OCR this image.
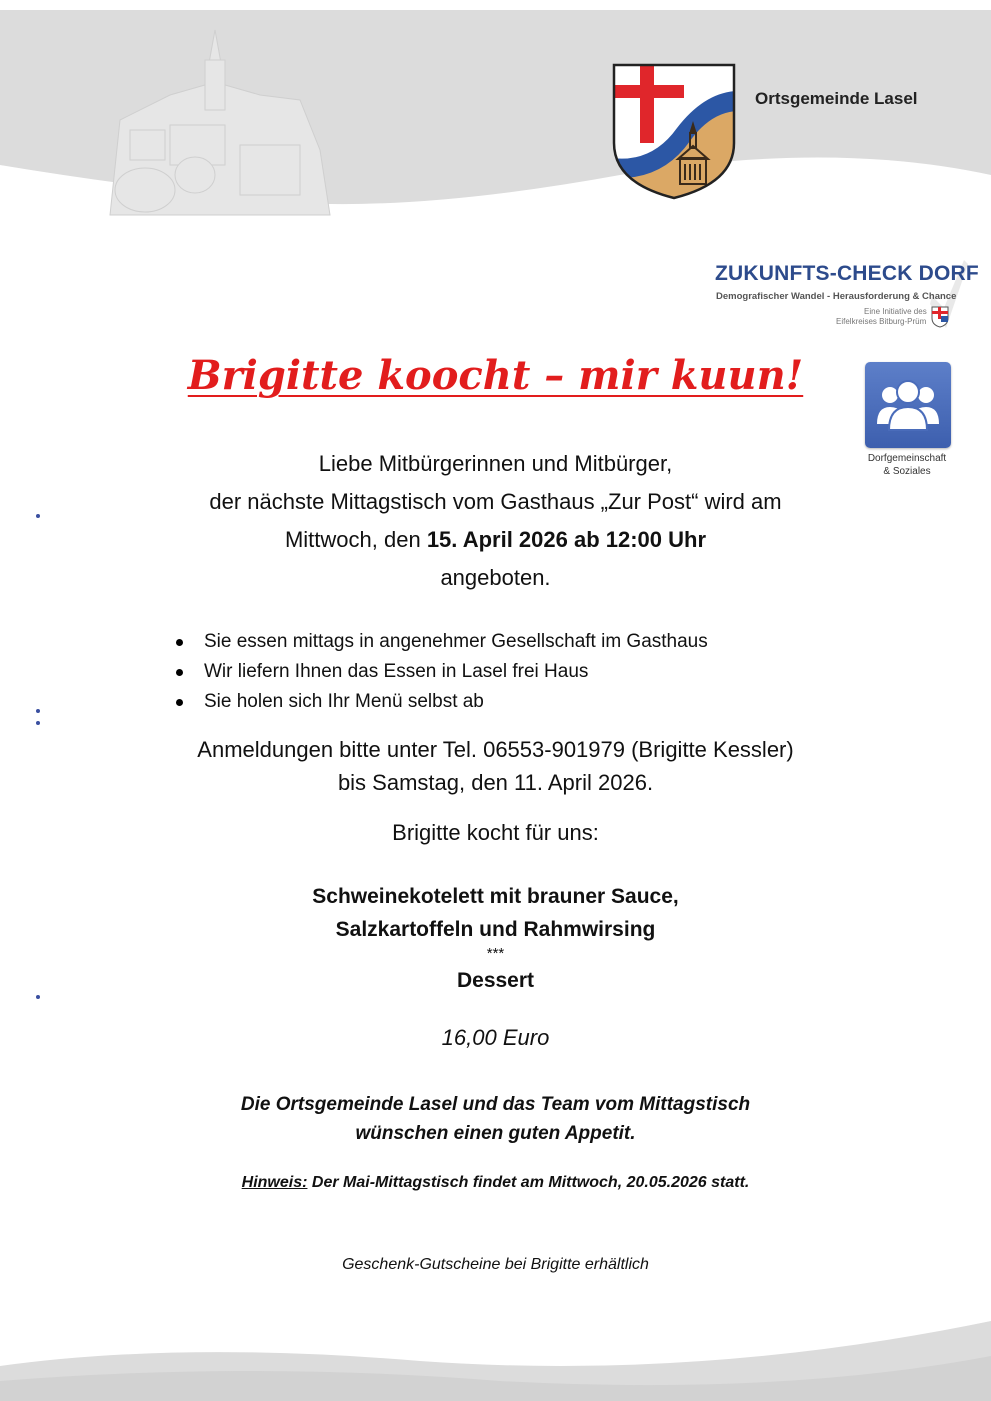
Ortsgemeinde Lasel
ZUKUNFTS-CHECK DORF
Demografischer Wandel - Herausforderung & Chance
Eine Initiative des
Eifelkreises Bitburg-Prüm
Dorfgemeinschaft
& Soziales
Brigitte koocht – mir kuun!
Liebe Mitbürgerinnen und Mitbürger,
der nächste Mittagstisch vom Gasthaus „Zur Post“ wird am
Mittwoch, den 15. April 2026 ab 12:00 Uhr
angeboten.
Sie essen mittags in angenehmer Gesellschaft im Gasthaus
Wir liefern Ihnen das Essen in Lasel frei Haus
Sie holen sich Ihr Menü selbst ab
Anmeldungen bitte unter Tel. 06553-901979 (Brigitte Kessler)
bis Samstag, den 11. April 2026.
Brigitte kocht für uns:
Schweinekotelett mit brauner Sauce,
Salzkartoffeln und Rahmwirsing
***
Dessert
16,00 Euro
Die Ortsgemeinde Lasel und das Team vom Mittagstisch
wünschen einen guten Appetit.
Hinweis: Der Mai-Mittagstisch findet am Mittwoch, 20.05.2026 statt.
Geschenk-Gutscheine bei Brigitte erhältlich
